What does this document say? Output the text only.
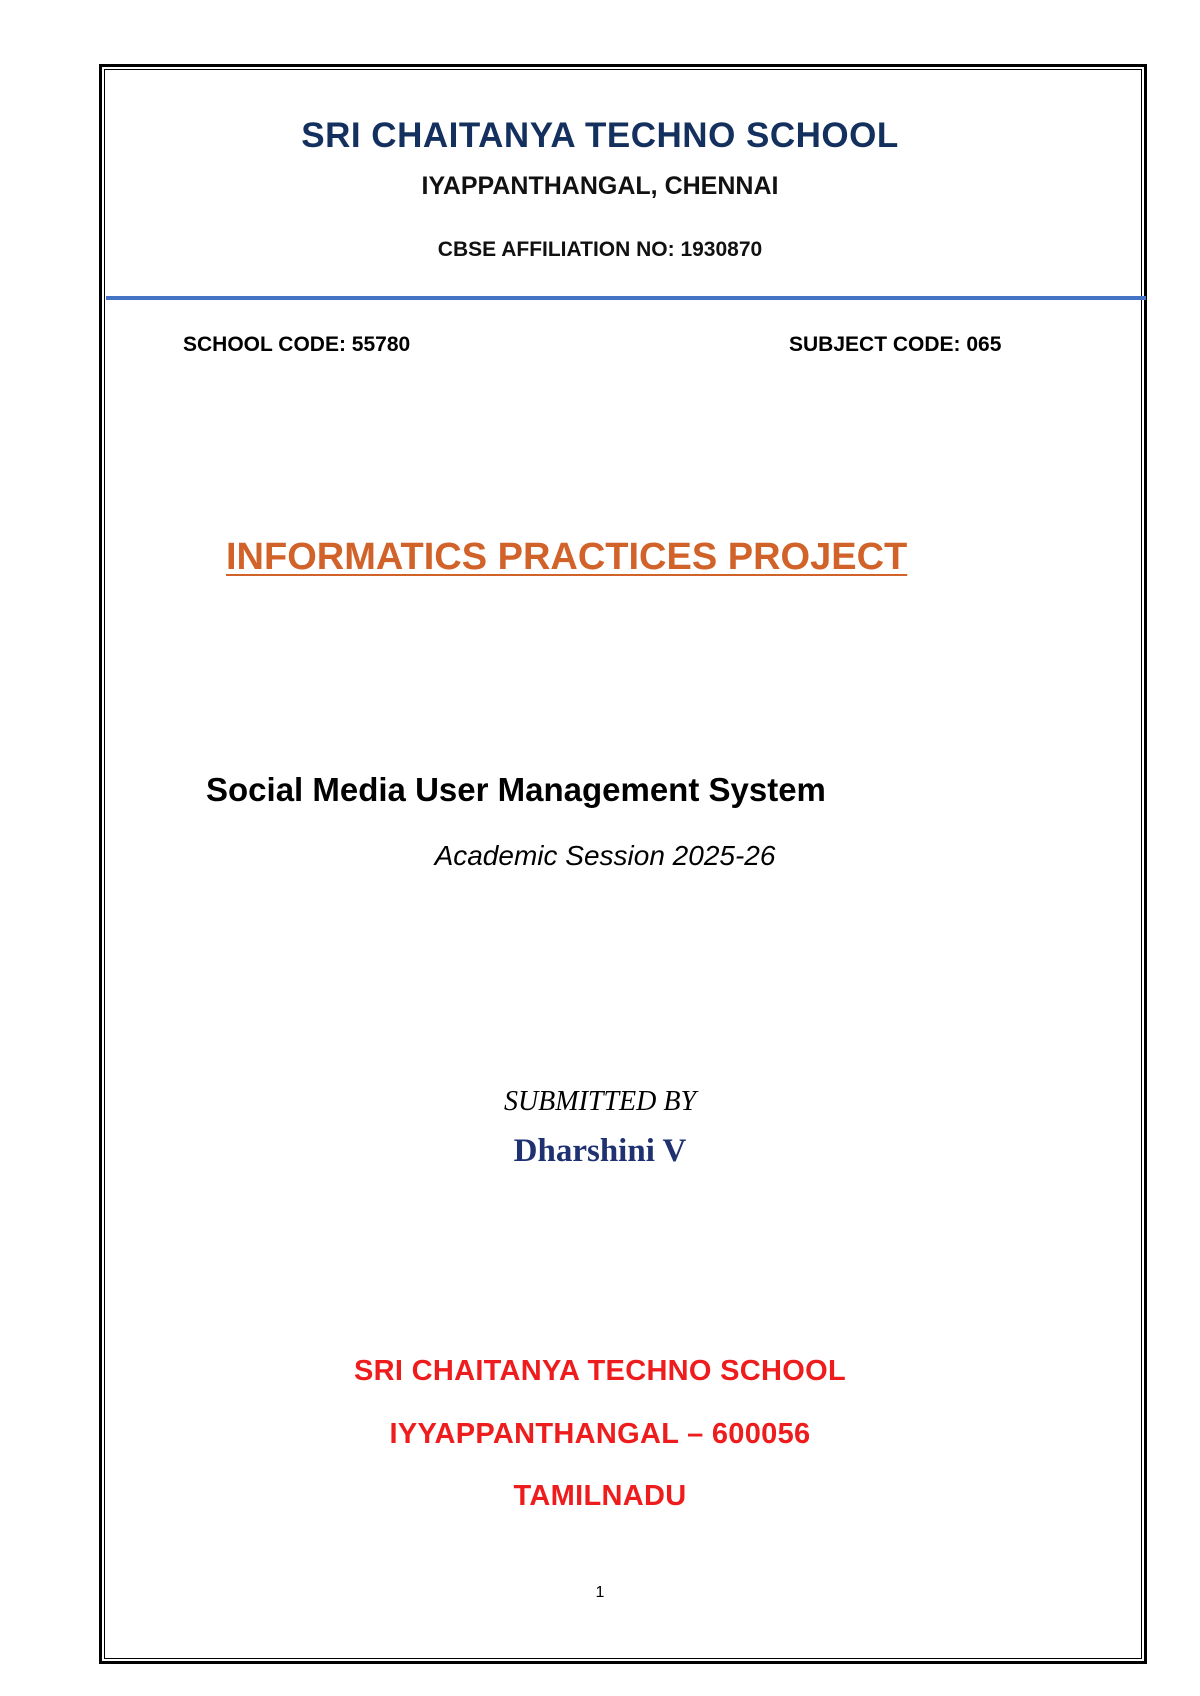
SRI CHAITANYA TECHNO SCHOOL
IYAPPANTHANGAL, CHENNAI
CBSE AFFILIATION NO: 1930870
SCHOOL CODE: 55780	SUBJECT CODE: 065
INFORMATICS PRACTICES PROJECT
Social Media User Management System
Academic Session 2025-26
SUBMITTED BY
Dharshini V
SRI CHAITANYA TECHNO SCHOOL
IYYAPPANTHANGAL – 600056
TAMILNADU
1
